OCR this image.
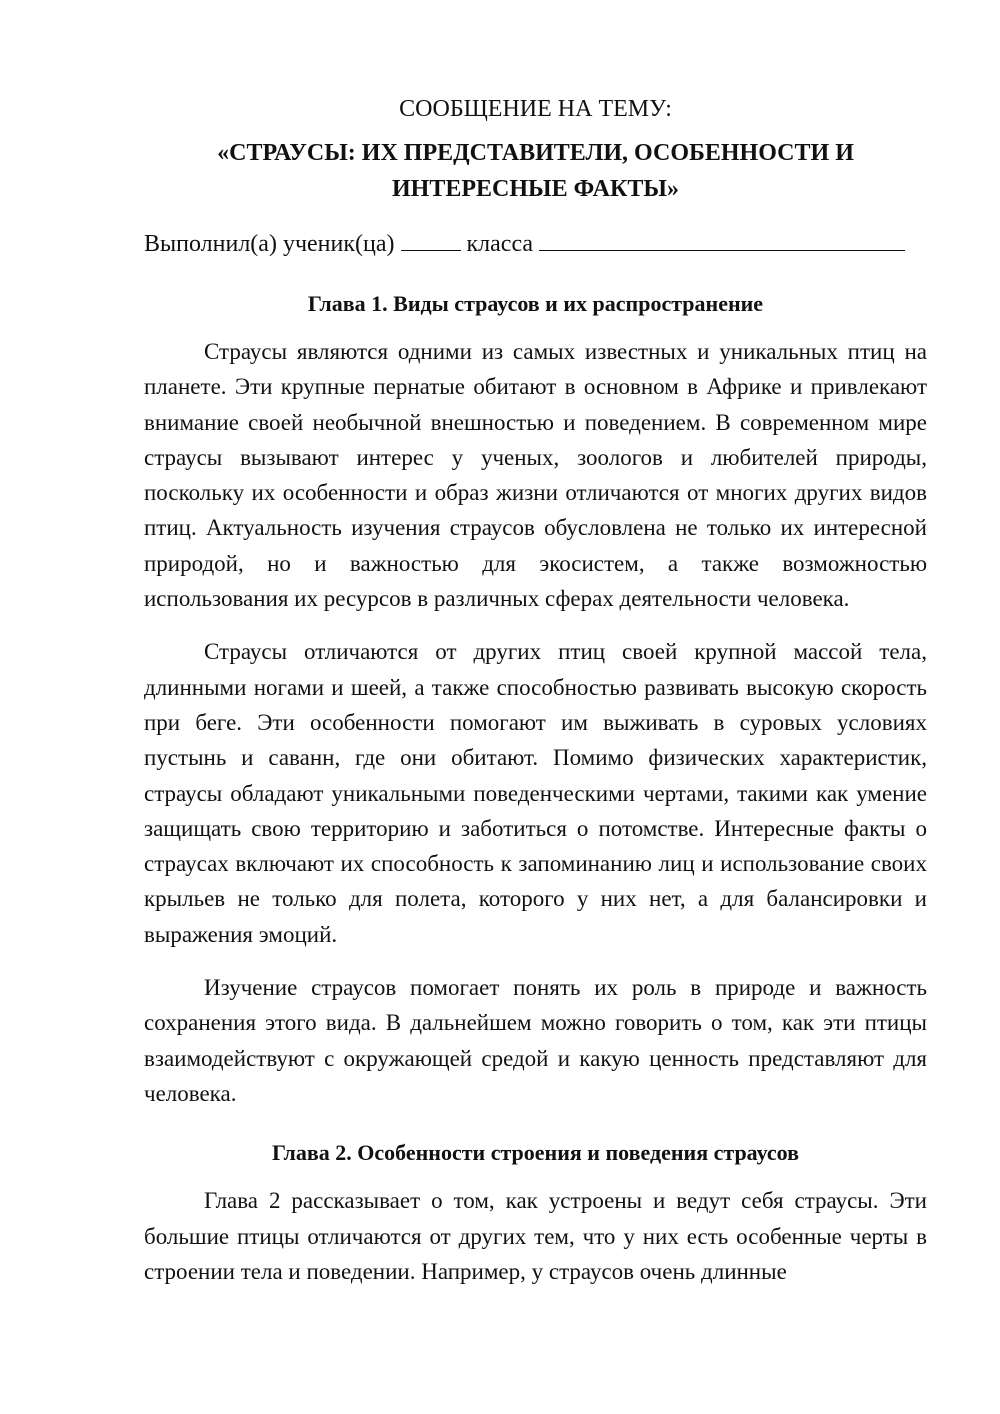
СООБЩЕНИЕ НА ТЕМУ:

«СТРАУСЫ: ИХ ПРЕДСТАВИТЕЛИ, ОСОБЕННОСТИ И ИНТЕРЕСНЫЕ ФАКТЫ»

Выполнил(а) ученик(ца)	класса

Глава 1. Виды страусов и их распространение

Страусы являются одними из самых известных и уникальных птиц на планете. Эти крупные пернатые обитают в основном в Африке и привлекают внимание своей необычной внешностью и поведением. В современном мире страусы вызывают интерес у ученых, зоологов и любителей природы, поскольку их особенности и образ жизни отличаются от многих других видов птиц. Актуальность изучения страусов обусловлена не только их интересной природой, но и важностью для экосистем, а также возможностью использования их ресурсов в различных сферах деятельности человека.

Страусы отличаются от других птиц своей крупной массой тела, длинными ногами и шеей, а также способностью развивать высокую скорость при беге. Эти особенности помогают им выживать в суровых условиях пустынь и саванн, где они обитают. Помимо физических характеристик, страусы обладают уникальными поведенческими чертами, такими как умение защищать свою территорию и заботиться о потомстве. Интересные факты о страусах включают их способность к запоминанию лиц и использование своих крыльев не только для полета, которого у них нет, а для балансировки и выражения эмоций.

Изучение страусов помогает понять их роль в природе и важность сохранения этого вида. В дальнейшем можно говорить о том, как эти птицы взаимодействуют с окружающей средой и какую ценность представляют для человека.

Глава 2. Особенности строения и поведения страусов

Глава 2 рассказывает о том, как устроены и ведут себя страусы. Эти большие птицы отличаются от других тем, что у них есть особенные черты в строении тела и поведении. Например, у страусов очень длинные
